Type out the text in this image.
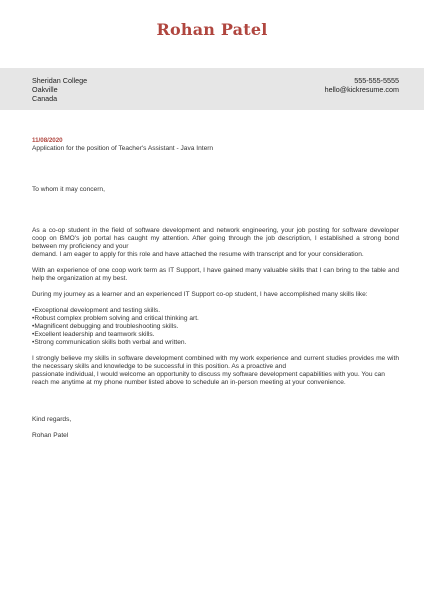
Rohan Patel
Sheridan College
Oakville
Canada
555-555-5555
hello@kickresume.com
11/08/2020
Application for the position of Teacher's Assistant - Java Intern

To whom it may concern,

As a co-op student in the field of software development and network engineering, your job posting for software developer coop on BMO's job portal has caught my attention. After going through the job description, I established a strong bond between my proficiency and your

demand. I am eager to apply for this role and have attached the resume with transcript and for your consideration.

With an experience of one coop work term as IT Support, I have gained many valuable skills that I can bring to the table and help the organization at my best.

During my journey as a learner and an experienced IT Support co-op student, I have accomplished many skills like:

• Exceptional development and testing skills.
• Robust complex problem solving and critical thinking art.
• Magnificent debugging and troubleshooting skills.
• Excellent leadership and teamwork skills.
• Strong communication skills both verbal and written.

I strongly believe my skills in software development combined with my work experience and current studies provides me with the necessary skills and knowledge to be successful in this position. As a proactive and

passionate individual, I would welcome an opportunity to discuss my software development capabilities with you. You can reach me anytime at my phone number listed above to schedule an in-person meeting at your convenience.

Kind regards,

Rohan Patel
